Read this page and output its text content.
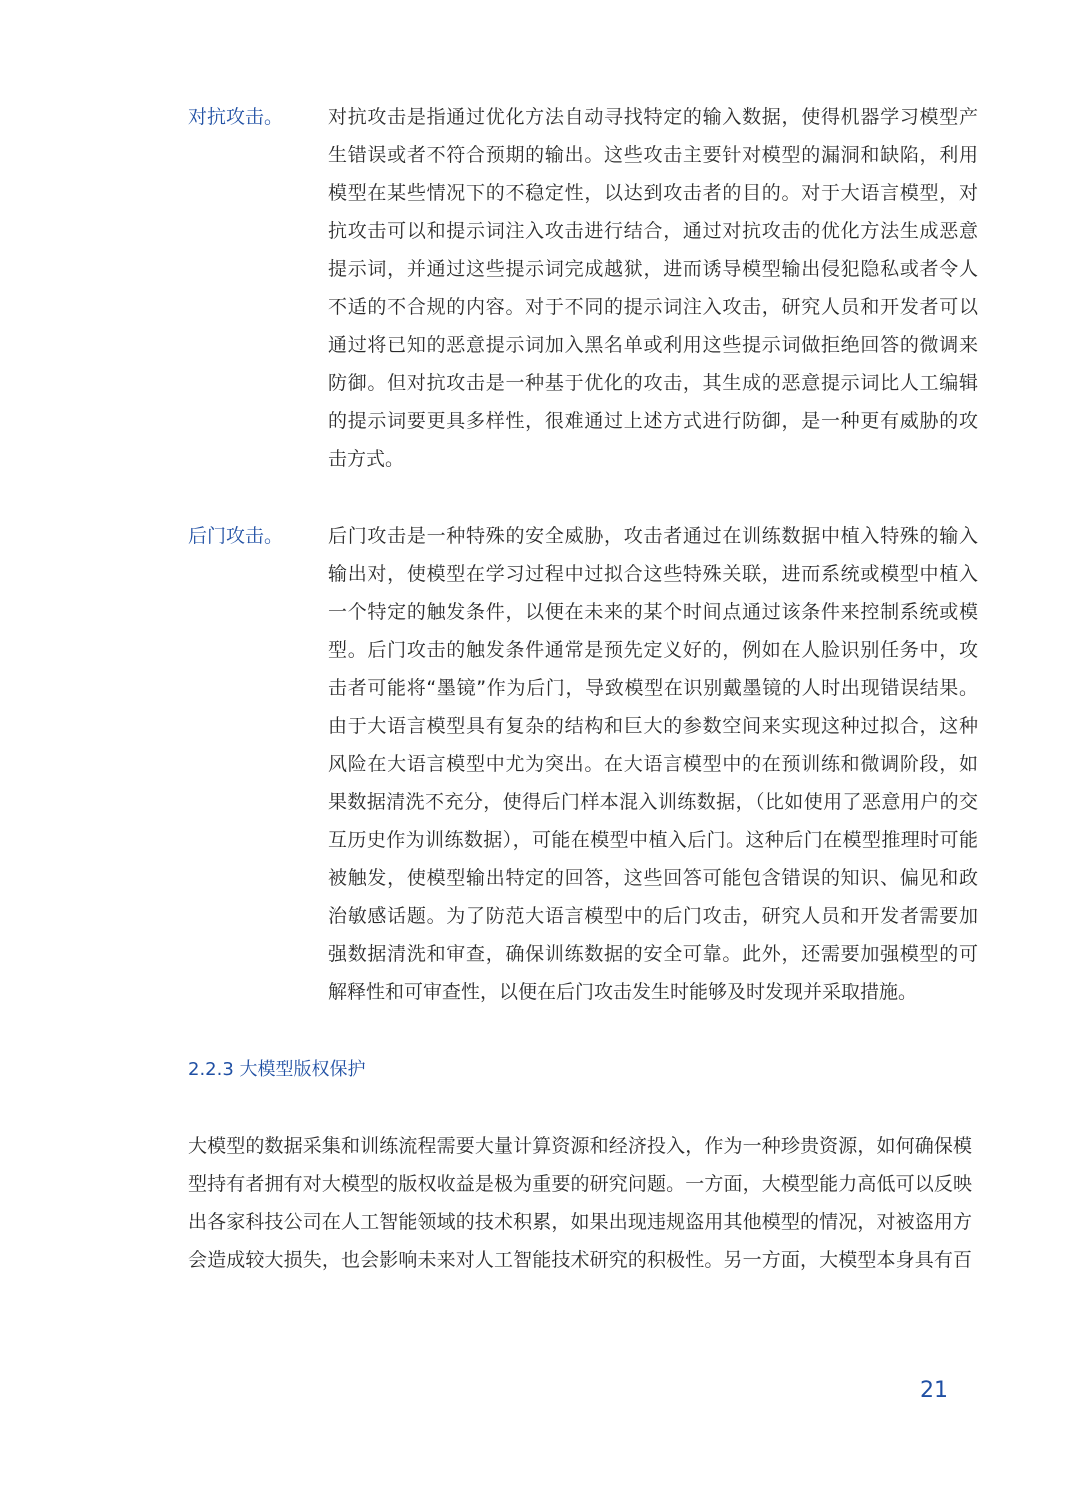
对抗攻击。 对抗攻击是指通过优化方法自动寻找特定的输入数据，使得机器学习模型产
生错误或者不符合预期的输出。这些攻击主要针对模型的漏洞和缺陷，利用
模型在某些情况下的不稳定性，以达到攻击者的目的。对于大语言模型，对
抗攻击可以和提示词注入攻击进行结合，通过对抗攻击的优化方法生成恶意
提示词，并通过这些提示词完成越狱，进而诱导模型输出侵犯隐私或者令人
不适的不合规的内容。对于不同的提示词注入攻击，研究人员和开发者可以
通过将已知的恶意提示词加入黑名单或利用这些提示词做拒绝回答的微调来
防御。但对抗攻击是一种基于优化的攻击，其生成的恶意提示词比人工编辑
的提示词要更具多样性，很难通过上述方式进行防御，是一种更有威胁的攻
击方式。
后门攻击。 后门攻击是一种特殊的安全威胁，攻击者通过在训练数据中植入特殊的输入
输出对，使模型在学习过程中过拟合这些特殊关联，进而系统或模型中植入
一个特定的触发条件，以便在未来的某个时间点通过该条件来控制系统或模
型。后门攻击的触发条件通常是预先定义好的，例如在人脸识别任务中，攻
击者可能将“墨镜”作为后门，导致模型在识别戴墨镜的人时出现错误结果。
由于大语言模型具有复杂的结构和巨大的参数空间来实现这种过拟合，这种
风险在大语言模型中尤为突出。在大语言模型中的在预训练和微调阶段，如
果数据清洗不充分，使得后门样本混入训练数据，（比如使用了恶意用户的交
互历史作为训练数据），可能在模型中植入后门。这种后门在模型推理时可能
被触发，使模型输出特定的回答，这些回答可能包含错误的知识、偏见和政
治敏感话题。为了防范大语言模型中的后门攻击，研究人员和开发者需要加
强数据清洗和审查，确保训练数据的安全可靠。此外，还需要加强模型的可
解释性和可审查性，以便在后门攻击发生时能够及时发现并采取措施。
2.2.3 大模型版权保护
大模型的数据采集和训练流程需要大量计算资源和经济投入，作为一种珍贵资源，如何确保模
型持有者拥有对大模型的版权收益是极为重要的研究问题。一方面，大模型能力高低可以反映
出各家科技公司在人工智能领域的技术积累，如果出现违规盗用其他模型的情况，对被盗用方
会造成较大损失，也会影响未来对人工智能技术研究的积极性。另一方面，大模型本身具有百
21
